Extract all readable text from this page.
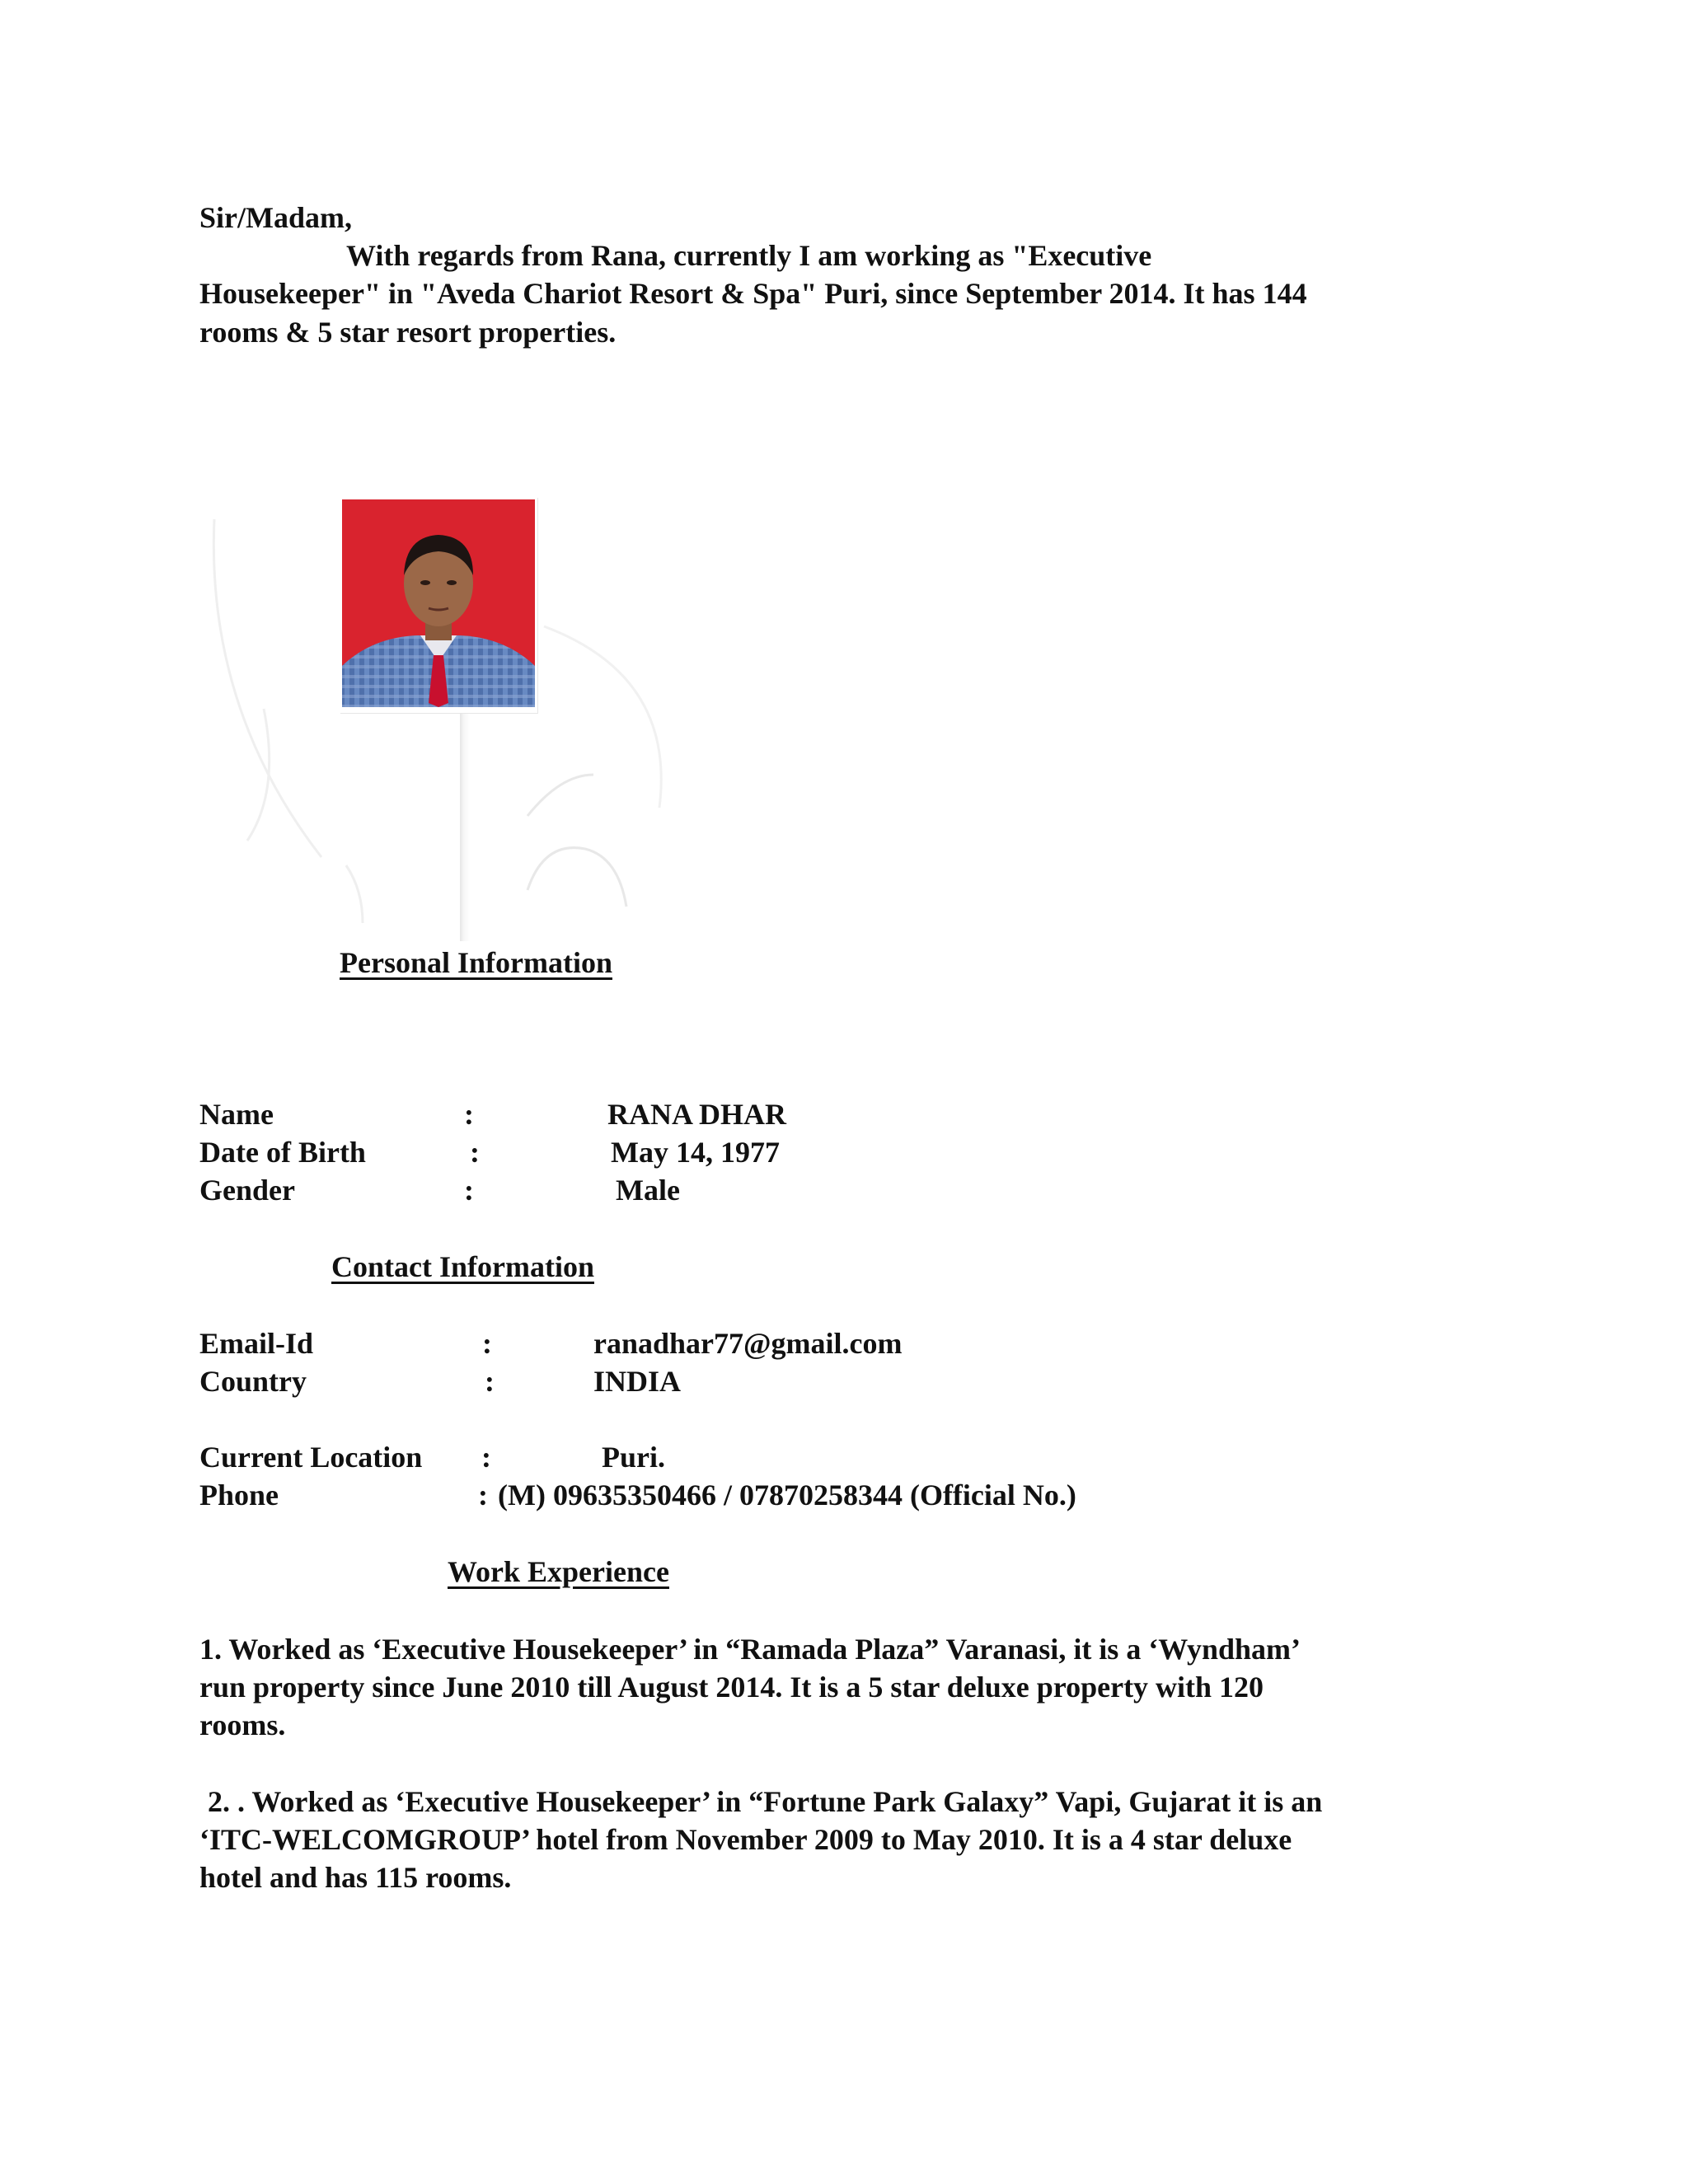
Sir/Madam,
With regards from Rana, currently I am working as "Executive
Housekeeper" in "Aveda Chariot Resort & Spa" Puri, since September 2014. It has 144
rooms & 5 star resort properties.
Personal Information
Name	:	RANA DHAR
Date of Birth	:	May 14, 1977
Gender	:	Male
Contact Information
Email-Id	:	ranadhar77@gmail.com
Country	:	INDIA
Current Location :	Puri.
Phone	: (M) 09635350466 / 07870258344 (Official No.)
Work Experience
1. Worked as ‘Executive Housekeeper’ in “Ramada Plaza” Varanasi, it is a ‘Wyndham’
run property since June 2010 till August 2014. It is a 5 star deluxe property with 120
rooms.
2. . Worked as ‘Executive Housekeeper’ in “Fortune Park Galaxy” Vapi, Gujarat it is an
‘ITC-WELCOMGROUP’ hotel from November 2009 to May 2010. It is a 4 star deluxe
hotel and has 115 rooms.
